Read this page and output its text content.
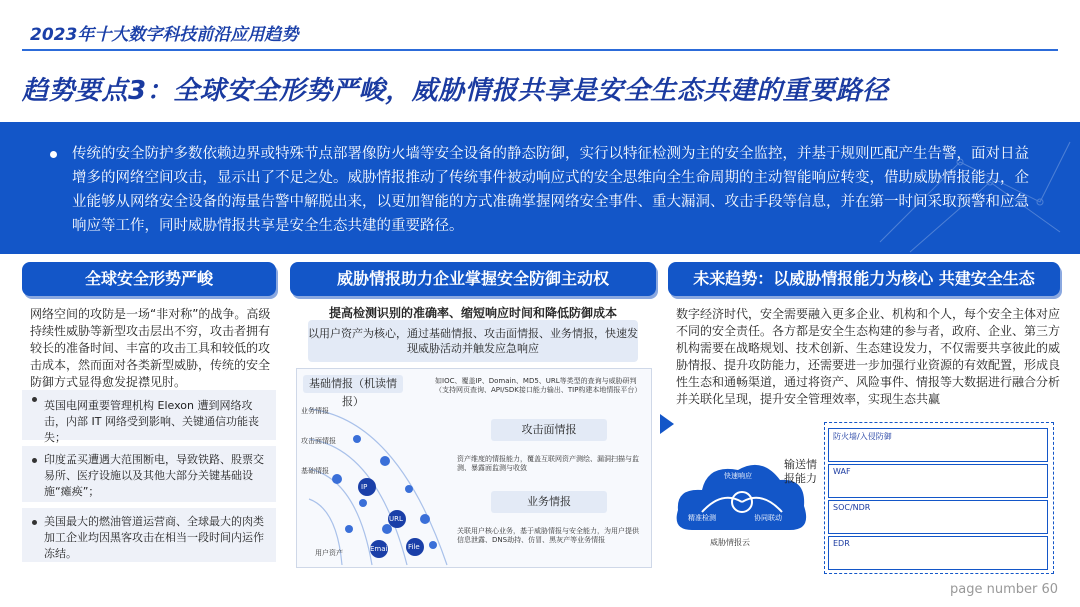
2023年十大数字科技前沿应用趋势
趋势要点3：全球安全形势严峻，威胁情报共享是安全生态共建的重要路径
传统的安全防护多数依赖边界或特殊节点部署像防火墙等安全设备的静态防御，实行以特征检测为主的安全监控，并基于规则匹配产生告警，面对日益增多的网络空间攻击，显示出了不足之处。威胁情报推动了传统事件被动响应式的安全思维向全生命周期的主动智能响应转变，借助威胁情报能力，企业能够从网络安全设备的海量告警中解脱出来，以更加智能的方式准确掌握网络安全事件、重大漏洞、攻击手段等信息，并在第一时间采取预警和应急响应等工作，同时威胁情报共享是安全生态共建的重要路径。
全球安全形势严峻
网络空间的攻防是一场“非对称”的战争。高级持续性威胁等新型攻击层出不穷，攻击者拥有较长的准备时间、丰富的攻击工具和较低的攻击成本，然而面对各类新型威胁，传统的安全防御方式显得愈发捉襟见肘。
英国电网重要管理机构 Elexon 遭到网络攻击，内部 IT 网络受到影响、关键通信功能丧失；
印度孟买遭遇大范围断电，导致铁路、股票交易所、医疗设施以及其他大部分关键基础设施“瘫痪”；
美国最大的燃油管道运营商、全球最大的肉类加工企业均因黑客攻击在相当一段时间内运作冻结。
威胁情报助力企业掌握安全防御主动权
提高检测识别的准确率、缩短响应时间和降低防御成本
以用户资产为核心，通过基础情报、攻击面情报、业务情报，快速发现威胁活动并触发应急响应
基础情报（机读情报）
如IOC、覆盖IP、Domain、MD5、URL等类型的查询与威胁研判（支持网页查询、API/SDK接口能力输出、TIP构建本地情报平台）
攻击面情报
资产维度的情报能力，覆盖互联网资产测绘、漏洞扫描与监测、暴露面监测与收敛
业务情报
关联用户核心业务，基于威胁情报与安全能力，为用户提供信息泄露、DNS劫持、仿冒、黑灰产等业务情报
业务情报
攻击面情报
基础情报
用户资产
IP
URL
Email	File
未来趋势：以威胁情报能力为核心 共建安全生态
数字经济时代，安全需要融入更多企业、机构和个人，每个安全主体对应不同的安全责任。各方都是安全生态构建的参与者，政府、企业、第三方机构需要在战略规划、技术创新、生态建设发力，不仅需要共享彼此的威胁情报、提升攻防能力，还需要进一步加强行业资源的有效配置，形成良性生态和通畅渠道，通过将资产、风险事件、情报等大数据进行融合分析并关联化呈现，提升安全管理效率，实现生态共赢
精准检测
快速响应
协同联动
威胁情报云
输送情报能力
防火墙/入侵防御
WAF
SOC/NDR
EDR
page number 60
